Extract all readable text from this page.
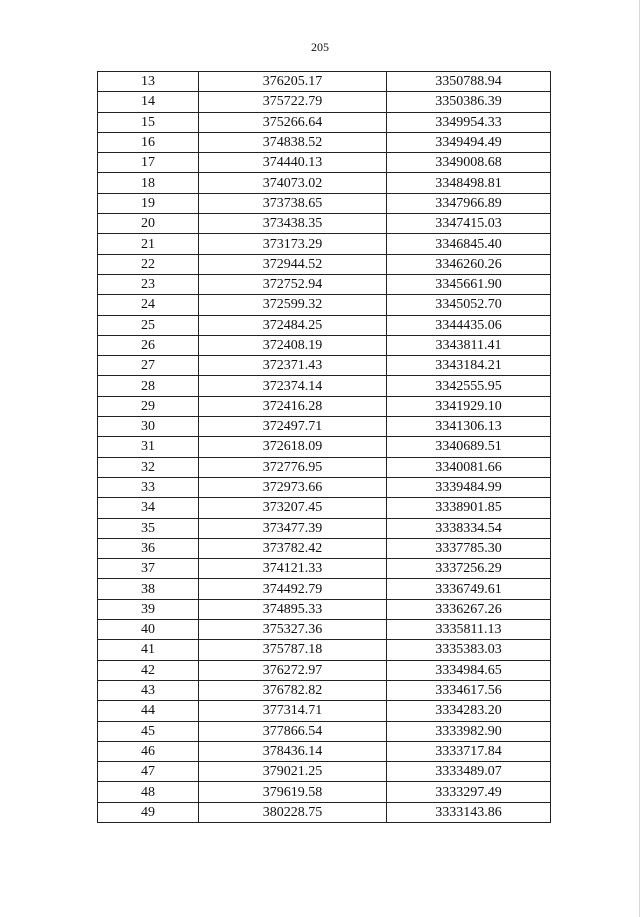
205
13	376205.17	3350788.94
14	375722.79	3350386.39
15	375266.64	3349954.33
16	374838.52	3349494.49
17	374440.13	3349008.68
18	374073.02	3348498.81
19	373738.65	3347966.89
20	373438.35	3347415.03
21	373173.29	3346845.40
22	372944.52	3346260.26
23	372752.94	3345661.90
24	372599.32	3345052.70
25	372484.25	3344435.06
26	372408.19	3343811.41
27	372371.43	3343184.21
28	372374.14	3342555.95
29	372416.28	3341929.10
30	372497.71	3341306.13
31	372618.09	3340689.51
32	372776.95	3340081.66
33	372973.66	3339484.99
34	373207.45	3338901.85
35	373477.39	3338334.54
36	373782.42	3337785.30
37	374121.33	3337256.29
38	374492.79	3336749.61
39	374895.33	3336267.26
40	375327.36	3335811.13
41	375787.18	3335383.03
42	376272.97	3334984.65
43	376782.82	3334617.56
44	377314.71	3334283.20
45	377866.54	3333982.90
46	378436.14	3333717.84
47	379021.25	3333489.07
48	379619.58	3333297.49
49	380228.75	3333143.86
